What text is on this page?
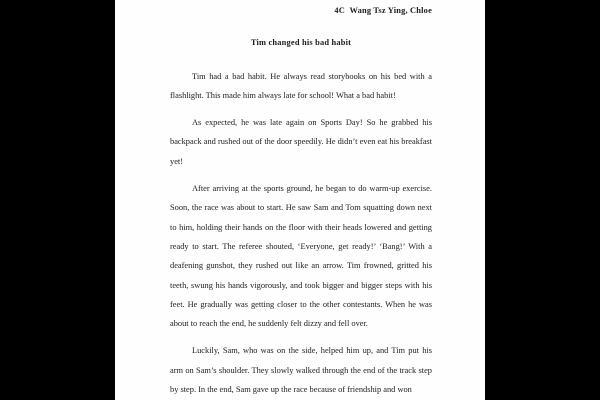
4C  Wang Tsz Ying, Chloe
Tim changed his bad habit

Tim had a bad habit. He always read storybooks on his bed with a flashlight. This made him always late for school! What a bad habit!

As expected, he was late again on Sports Day! So he grabbed his backpack and rushed out of the door speedily. He didn’t even eat his breakfast yet!

After arriving at the sports ground, he began to do warm-up exercise. Soon, the race was about to start. He saw Sam and Tom squatting down next to him, holding their hands on the floor with their heads lowered and getting ready to start. The referee shouted, ‘Everyone, get ready!’ ‘Bang!’ With a deafening gunshot, they rushed out like an arrow. Tim frowned, gritted his teeth, swung his hands vigorously, and took bigger and bigger steps with his feet. He gradually was getting closer to the other contestants. When he was about to reach the end, he suddenly felt dizzy and fell over.

Luckily, Sam, who was on the side, helped him up, and Tim put his arm on Sam’s shoulder. They slowly walked through the end of the track step by step. In the end, Sam gave up the race because of friendship and won
